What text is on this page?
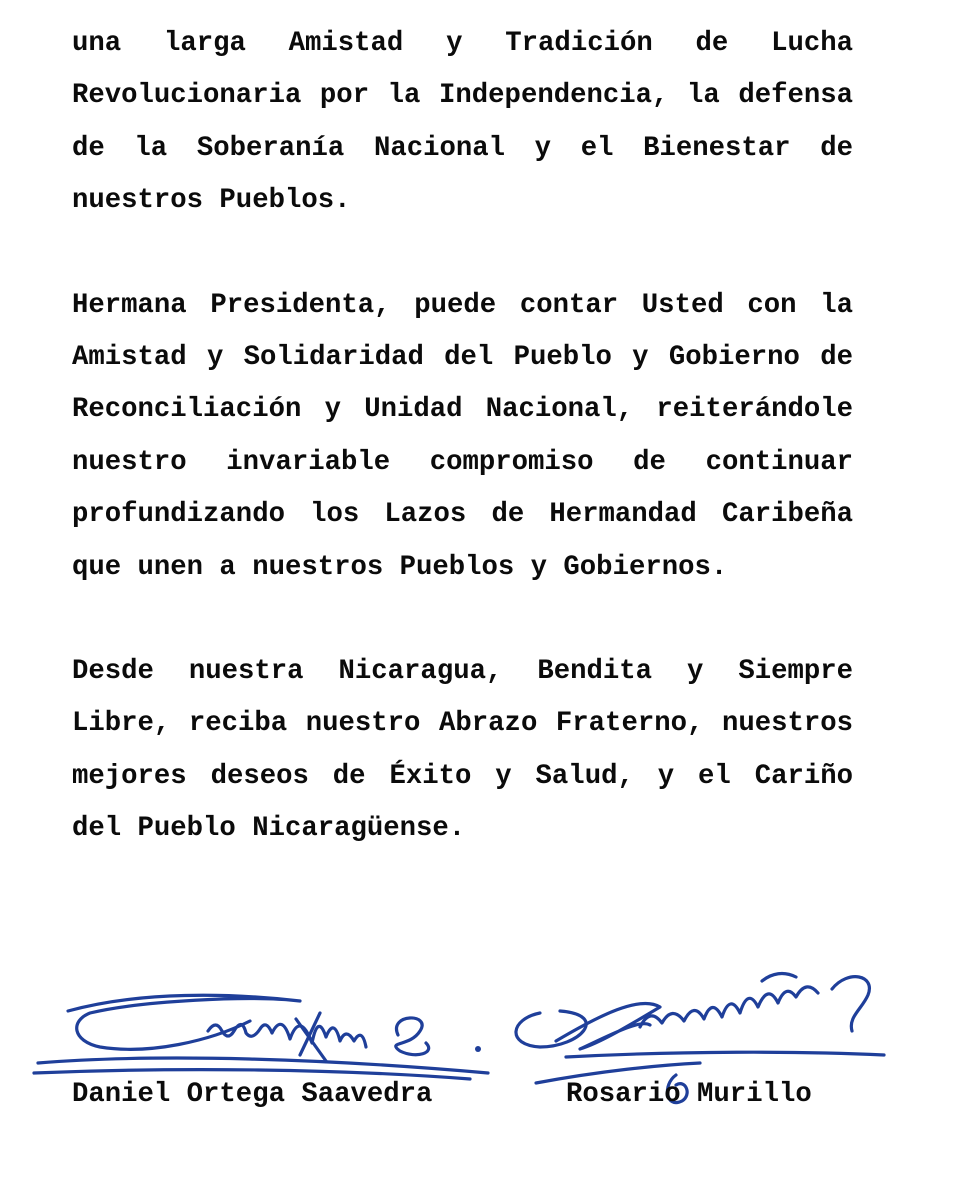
una larga Amistad y Tradición de Lucha Revolucionaria por la Independencia, la defensa de la Soberanía Nacional y el Bienestar de nuestros Pueblos.

Hermana Presidenta, puede contar Usted con la Amistad y Solidaridad del Pueblo y Gobierno de Reconciliación y Unidad Nacional, reiterándole nuestro invariable compromiso de continuar profundizando los Lazos de Hermandad Caribeña que unen a nuestros Pueblos y Gobiernos.

Desde nuestra Nicaragua, Bendita y Siempre Libre, reciba nuestro Abrazo Fraterno, nuestros mejores deseos de Éxito y Salud, y el Cariño del Pueblo Nicaragüense.

Daniel Ortega Saavedra	Rosario Murillo
